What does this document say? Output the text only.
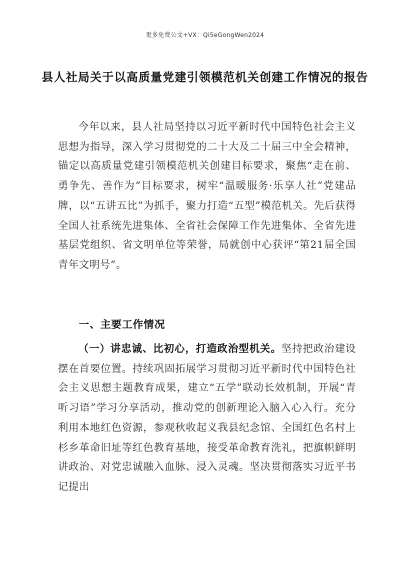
更多免费公文+VX：Qi5eGongWen2024
县人社局关于以高质量党建引领模范机关创建工作情况的报告
今年以来，县人社局坚持以习近平新时代中国特色社会主义思想为指导，深入学习贯彻党的二十大及二十届三中全会精神，锚定以高质量党建引领模范机关创建目标要求，聚焦“走在前、勇争先、善作为”目标要求，树牢“温暖服务·乐享人社”党建品牌，以“五讲五比”为抓手，聚力打造“五型”模范机关。先后获得全国人社系统先进集体、全省社会保障工作先进集体、全省先进基层党组织、省文明单位等荣誉，局就创中心获评“第21届全国青年文明号”。
一、主要工作情况
（一）讲忠诚、比初心，打造政治型机关。坚持把政治建设摆在首要位置。持续巩固拓展学习贯彻习近平新时代中国特色社会主义思想主题教育成果，建立“五学”联动长效机制，开展“青听习语”学习分享活动，推动党的创新理论入脑入心入行。充分利用本地红色资源，参观秋收起义我县纪念馆、全国红色名村上杉乡革命旧址等红色教育基地，接受革命教育洗礼，把旗帜鲜明讲政治、对党忠诚融入血脉、浸入灵魂。坚决贯彻落实习近平书记提出
